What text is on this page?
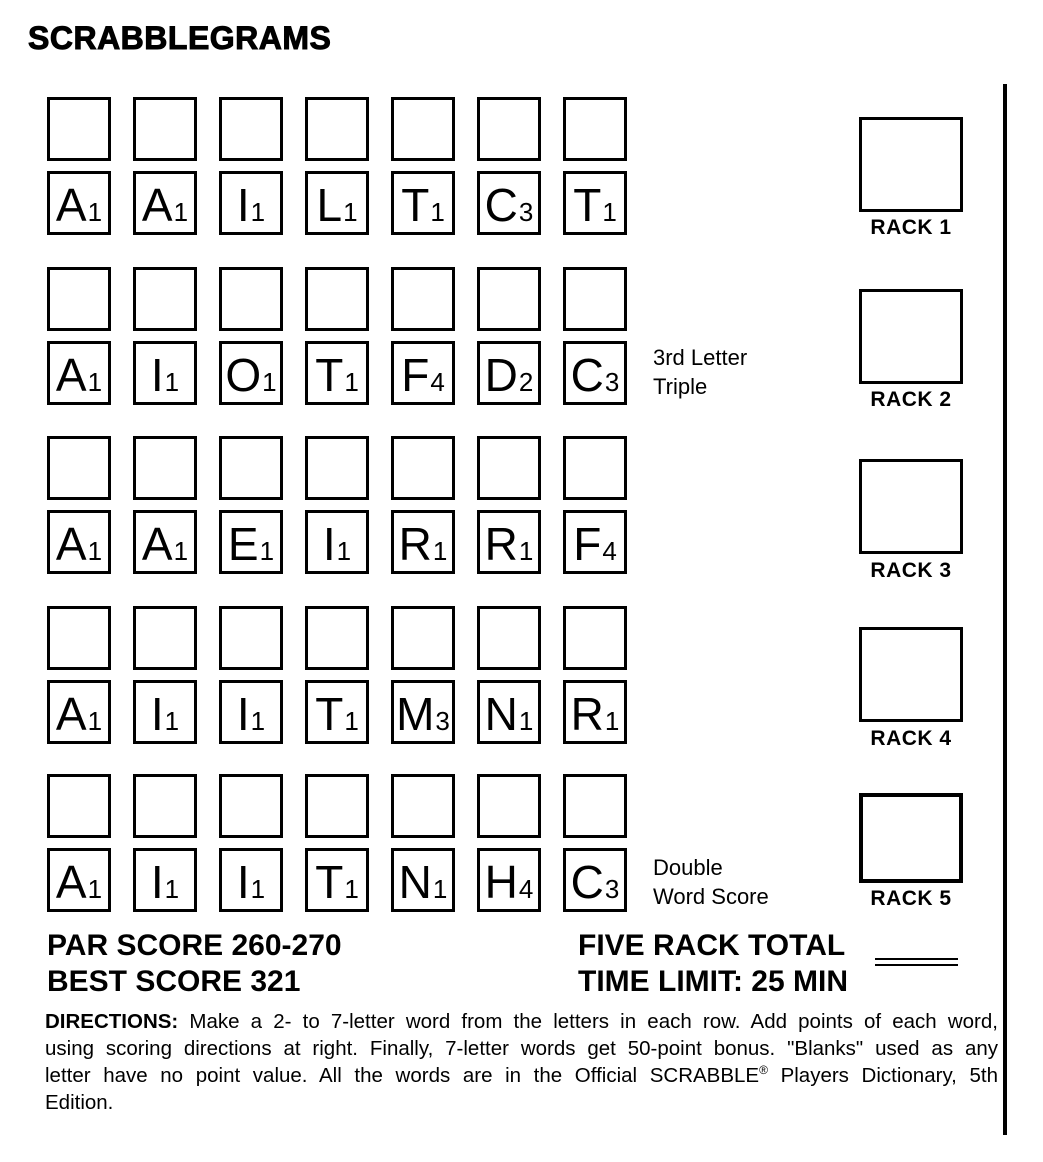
SCRABBLEGRAMS
A 1 A 1 I 1 L 1 T 1 C 3 T 1
A 1 I 1 O 1 T 1 F 4 D 2 C 3
A 1 A 1 E 1 I 1 R 1 R 1 F 4
A 1 I 1 I 1 T 1 M 3 N 1 R 1
A 1 I 1 I 1 T 1 N 1 H 4 C 3
3rd Letter
Triple
Double
Word Score
RACK 1
RACK 2
RACK 3
RACK 4
RACK 5
PAR SCORE 260-270
BEST SCORE 321
FIVE RACK TOTAL
TIME LIMIT: 25 MIN

DIRECTIONS: Make a 2- to 7-letter word from the letters in each row. Add points of each word, using scoring directions at right. Finally, 7-letter words get 50-point bonus. "Blanks" used as any letter have no point value. All the words are in the Official SCRABBLE® Players Dictionary, 5th Edition.
